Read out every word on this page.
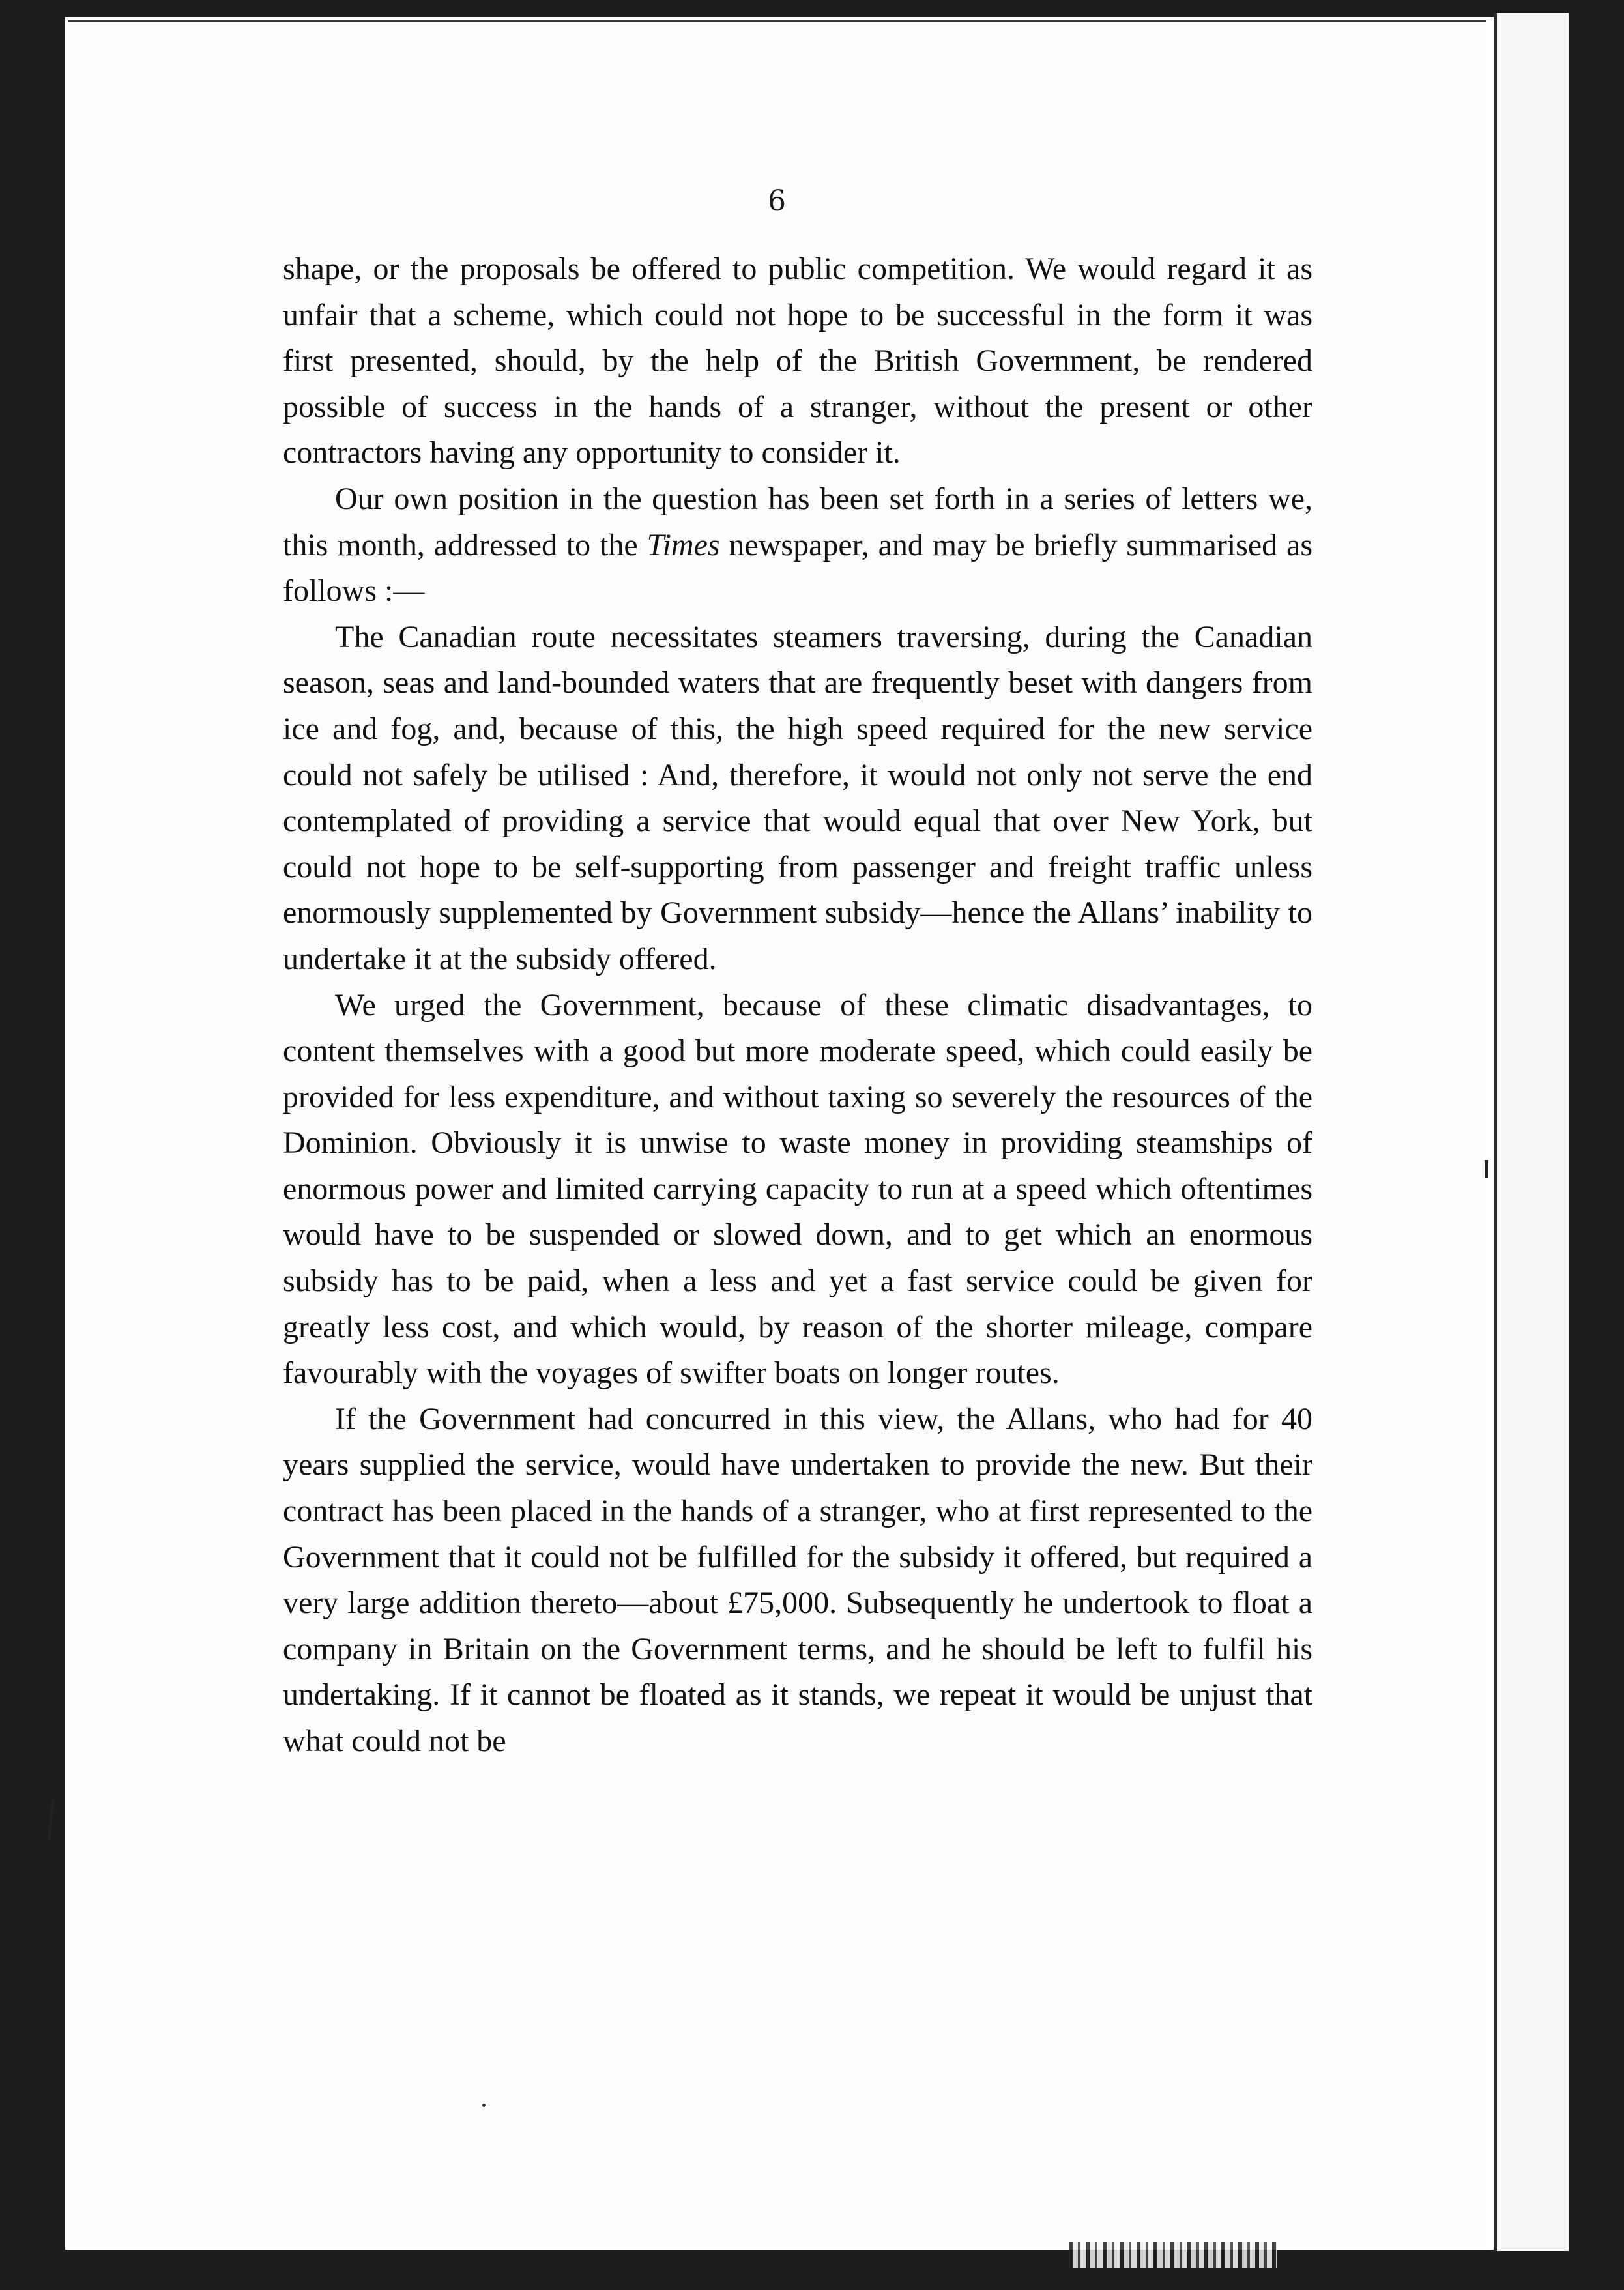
6

shape, or the proposals be offered to public competition. We would regard it as unfair that a scheme, which could not hope to be successful in the form it was first presented, should, by the help of the British Government, be rendered possible of success in the hands of a stranger, without the present or other contractors having any opportunity to consider it.

Our own position in the question has been set forth in a series of letters we, this month, addressed to the Times newspaper, and may be briefly summarised as follows :—

The Canadian route necessitates steamers traversing, during the Canadian season, seas and land-bounded waters that are frequently beset with dangers from ice and fog, and, because of this, the high speed required for the new service could not safely be utilised : And, therefore, it would not only not serve the end contemplated of providing a service that would equal that over New York, but could not hope to be self-supporting from passenger and freight traffic unless enormously supplemented by Government subsidy—hence the Allans’ inability to undertake it at the subsidy offered.

We urged the Government, because of these climatic disadvantages, to content themselves with a good but more moderate speed, which could easily be provided for less expenditure, and without taxing so severely the resources of the Dominion. Obviously it is unwise to waste money in providing steamships of enormous power and limited carrying capacity to run at a speed which oftentimes would have to be suspended or slowed down, and to get which an enormous subsidy has to be paid, when a less and yet a fast service could be given for greatly less cost, and which would, by reason of the shorter mileage, compare favourably with the voyages of swifter boats on longer routes.

If the Government had concurred in this view, the Allans, who had for 40 years supplied the service, would have undertaken to provide the new. But their contract has been placed in the hands of a stranger, who at first represented to the Government that it could not be fulfilled for the subsidy it offered, but required a very large addition thereto—about £75,000. Subsequently he undertook to float a company in Britain on the Government terms, and he should be left to fulfil his undertaking. If it cannot be floated as it stands, we repeat it would be unjust that what could not be
